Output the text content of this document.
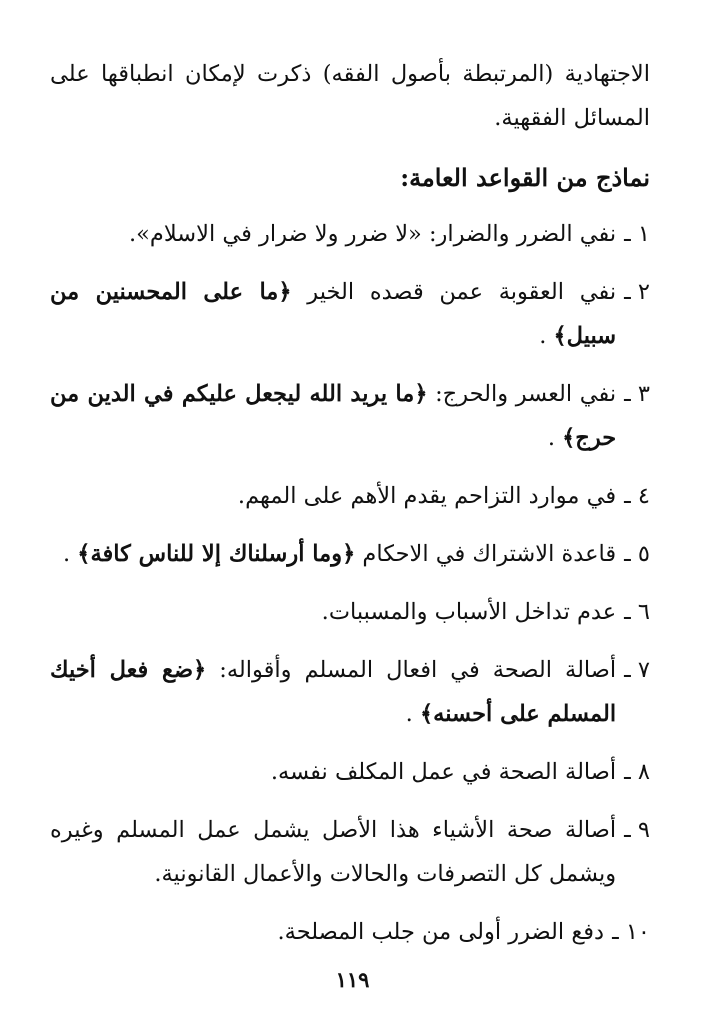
الاجتهادية (المرتبطة بأصول الفقه) ذكرت لإمكان انطباقها على المسائل الفقهية.

نماذج من القواعد العامة:

١ ـ
نفي الضرر والضرار: «لا ضرر ولا ضرار في الاسلام».
٢ ـ
نفي العقوبة عمن قصده الخير ﴿ما على المحسنين من سبيل﴾ .
٣ ـ
نفي العسر والحرج: ﴿ما يريد الله ليجعل عليكم في الدين من حرج﴾ .
٤ ـ
في موارد التزاحم يقدم الأهم على المهم.
٥ ـ
قاعدة الاشتراك في الاحكام ﴿وما أرسلناك إلا للناس كافة﴾ .
٦ ـ
عدم تداخل الأسباب والمسببات.
٧ ـ
أصالة الصحة في افعال المسلم وأقواله: ﴿ضع فعل أخيك المسلم على أحسنه﴾ .
٨ ـ
أصالة الصحة في عمل المكلف نفسه.
٩ ـ
أصالة صحة الأشياء هذا الأصل يشمل عمل المسلم وغيره ويشمل كل التصرفات والحالات والأعمال القانونية.
١٠ ـ
دفع الضرر أولى من جلب المصلحة.
١١٩
